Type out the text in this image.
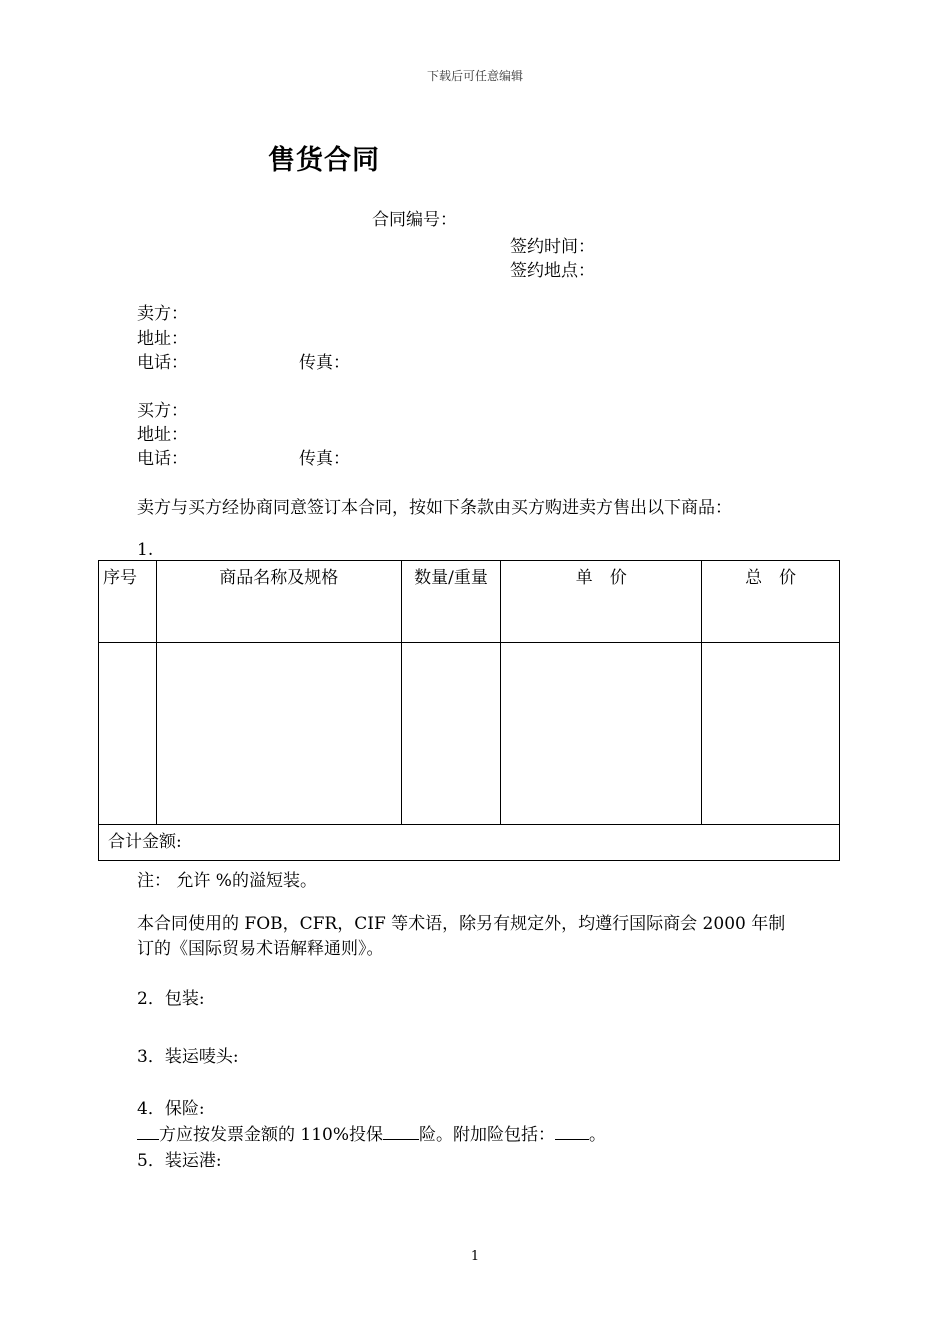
下载后可任意编辑
售货合同
合同编号：
签约时间：
签约地点：
卖方：
地址：
电话：	传真：
买方：
地址：
电话：	传真：
卖方与买方经协商同意签订本合同，按如下条款由买方购进卖方售出以下商品：
1.
序号	商品名称及规格	数量/重量	单　价	总　价

合计金额:				
注： 允许 %的溢短装。
本合同使用的 FOB，CFR，CIF 等术语，除另有规定外，均遵行国际商会 2000 年制
订的《国际贸易术语解释通则》。
2．包装:
3．装运唛头:
4．保险:
方应按发票金额的 110%投保 险。附加险包括： 。
5．装运港:
1
